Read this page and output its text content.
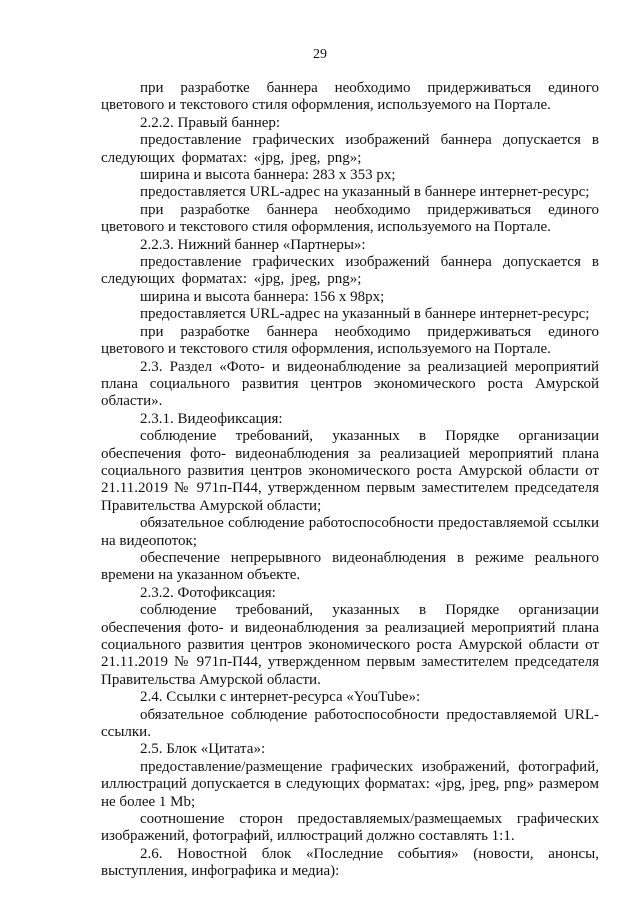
29

при разработке баннера необходимо придерживаться единого цветового и текстового стиля оформления, используемого на Портале.

2.2.2. Правый баннер:

предоставление графических изображений баннера допускается в следующих форматах: «jpg, jpeg, png»;

ширина и высота баннера: 283 х 353 px;

предоставляется URL-адрес на указанный в баннере интернет-ресурс;

при разработке баннера необходимо придерживаться единого цветового и текстового стиля оформления, используемого на Портале.

2.2.3. Нижний баннер «Партнеры»:

предоставление графических изображений баннера допускается в следующих форматах: «jpg, jpeg, png»;

ширина и высота баннера: 156 х 98px;

предоставляется URL-адрес на указанный в баннере интернет-ресурс;

при разработке баннера необходимо придерживаться единого цветового и текстового стиля оформления, используемого на Портале.

2.3. Раздел «Фото- и видеонаблюдение за реализацией мероприятий плана социального развития центров экономического роста Амурской области».

2.3.1. Видеофиксация:

соблюдение требований, указанных в Порядке организации обеспечения фото- видеонаблюдения за реализацией мероприятий плана социального развития центров экономического роста Амурской области от 21.11.2019 № 971п-П44, утвержденном первым заместителем председателя Правительства Амурской области;

обязательное соблюдение работоспособности предоставляемой ссылки на видеопоток;

обеспечение непрерывного видеонаблюдения в режиме реального времени на указанном объекте.

2.3.2. Фотофиксация:

соблюдение требований, указанных в Порядке организации обеспечения фото- и видеонаблюдения за реализацией мероприятий плана социального развития центров экономического роста Амурской области от 21.11.2019 № 971п-П44, утвержденном первым заместителем председателя Правительства Амурской области.

2.4. Ссылки с интернет-ресурса «YouTube»:

обязательное соблюдение работоспособности предоставляемой URL-ссылки.

2.5. Блок «Цитата»:

предоставление/размещение графических изображений, фотографий, иллюстраций допускается в следующих форматах: «jpg, jpeg, png» размером не более 1 Mb;

соотношение сторон предоставляемых/размещаемых графических изображений, фотографий, иллюстраций должно составлять 1:1.

2.6. Новостной блок «Последние события» (новости, анонсы, выступления, инфографика и медиа):
